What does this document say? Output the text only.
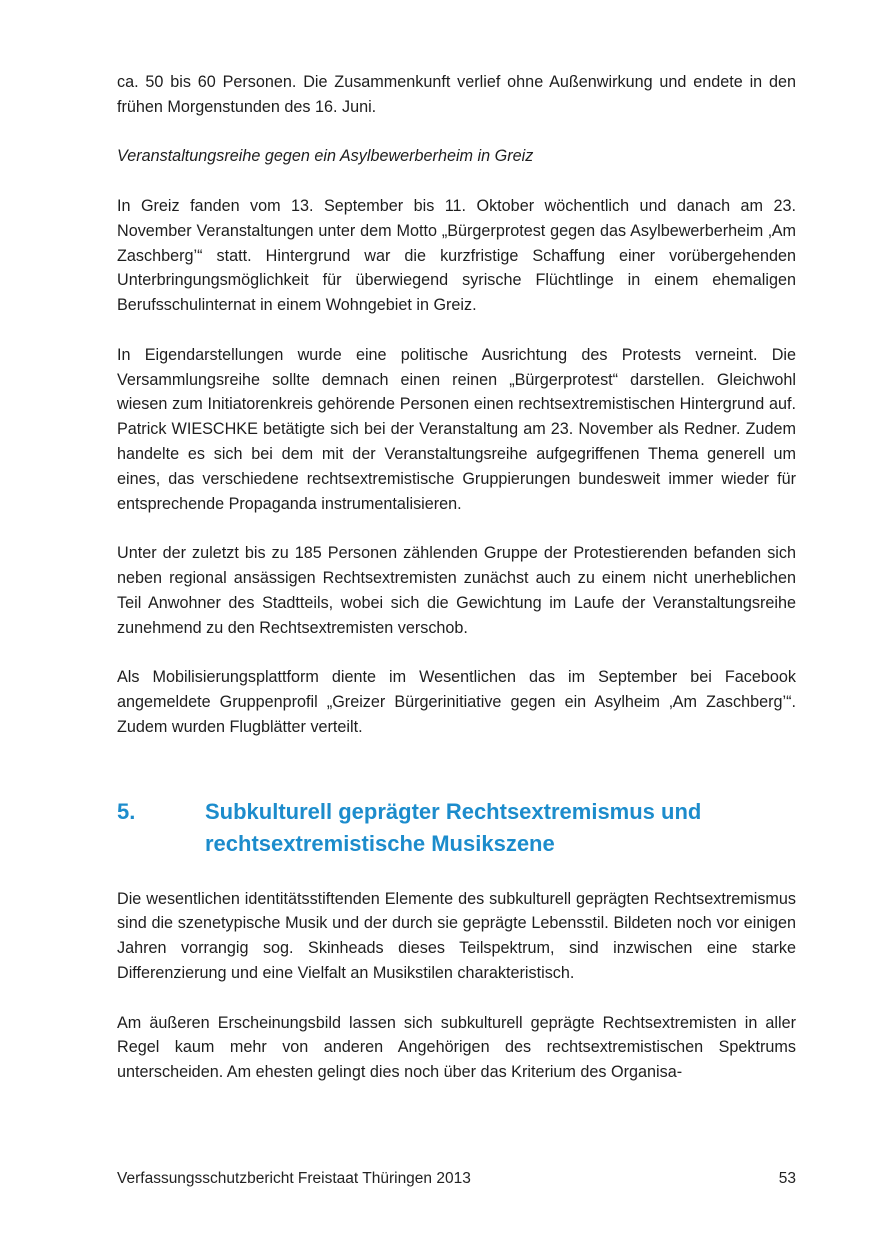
ca. 50 bis 60 Personen. Die Zusammenkunft verlief ohne Außenwirkung und endete in den frühen Morgenstunden des 16. Juni.

Veranstaltungsreihe gegen ein Asylbewerberheim in Greiz

In Greiz fanden vom 13. September bis 11. Oktober wöchentlich und danach am 23. November Veranstaltungen unter dem Motto „Bürgerprotest gegen das Asylbewerberheim ‚Am Zaschberg’“ statt. Hintergrund war die kurzfristige Schaffung einer vorübergehenden Unterbringungsmöglichkeit für überwiegend syrische Flüchtlinge in einem ehemaligen Berufsschulinternat in einem Wohngebiet in Greiz.

In Eigendarstellungen wurde eine politische Ausrichtung des Protests verneint. Die Versammlungsreihe sollte demnach einen reinen „Bürgerprotest“ darstellen. Gleichwohl wiesen zum Initiatorenkreis gehörende Personen einen rechtsextremistischen Hintergrund auf. Patrick WIESCHKE betätigte sich bei der Veranstaltung am 23. November als Redner. Zudem handelte es sich bei dem mit der Veranstaltungsreihe aufgegriffenen Thema generell um eines, das verschiedene rechtsextremistische Gruppierungen bundesweit immer wieder für entsprechende Propaganda instrumentalisieren.

Unter der zuletzt bis zu 185 Personen zählenden Gruppe der Protestierenden befanden sich neben regional ansässigen Rechtsextremisten zunächst auch zu einem nicht unerheblichen Teil Anwohner des Stadtteils, wobei sich die Gewichtung im Laufe der Veranstaltungsreihe zunehmend zu den Rechtsextremisten verschob.

Als Mobilisierungsplattform diente im Wesentlichen das im September bei Facebook angemeldete Gruppenprofil „Greizer Bürgerinitiative gegen ein Asylheim ‚Am Zaschberg’“. Zudem wurden Flugblätter verteilt.

5.	Subkulturell geprägter Rechtsextremismus und rechtsextremistische Musikszene

Die wesentlichen identitätsstiftenden Elemente des subkulturell geprägten Rechtsextremismus sind die szenetypische Musik und der durch sie geprägte Lebensstil. Bildeten noch vor einigen Jahren vorrangig sog. Skinheads dieses Teilspektrum, sind inzwischen eine starke Differenzierung und eine Vielfalt an Musikstilen charakteristisch.

Am äußeren Erscheinungsbild lassen sich subkulturell geprägte Rechtsextremisten in aller Regel kaum mehr von anderen Angehörigen des rechtsextremistischen Spektrums unterscheiden. Am ehesten gelingt dies noch über das Kriterium des Organisa-

Verfassungsschutzbericht Freistaat Thüringen 2013	53
